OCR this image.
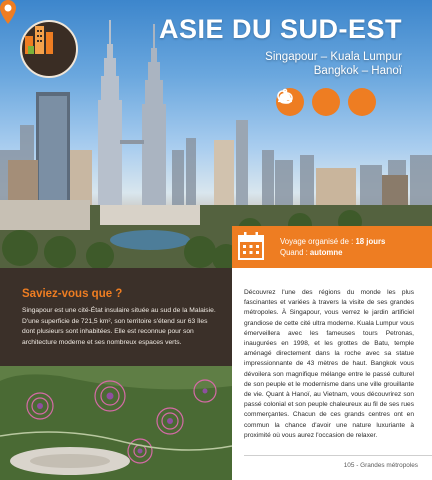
ASIE DU SUD-EST
Singapour – Kuala Lumpur
Bangkok – Hanoï
Voyage organisé de : 18 jours
Quand : automne
Saviez-vous que ?

Singapour est une cité-État insulaire située au sud de la Malaisie. D'une superficie de 721,5 km², son territoire s'étend sur 63 îles dont plusieurs sont inhabitées. Elle est reconnue pour son architecture moderne et ses nombreux espaces verts.

Découvrez l'une des régions du monde les plus fascinantes et variées à travers la visite de ses grandes métropoles. À Singapour, vous verrez le jardin artificiel grandiose de cette cité ultra moderne. Kuala Lumpur vous émerveillera avec les fameuses tours Petronas, inaugurées en 1998, et les grottes de Batu, temple aménagé directement dans la roche avec sa statue impressionnante de 43 mètres de haut. Bangkok vous dévoilera son magnifique mélange entre le passé culturel de son peuple et le modernisme dans une ville grouillante de vie. Quant à Hanoï, au Vietnam, vous découvrirez son passé colonial et son peuple chaleureux au fil de ses rues commerçantes. Chacun de ces grands centres ont en commun la chance d'avoir une nature luxuriante à proximité où vous aurez l'occasion de relaxer.

105 - Grandes métropoles
